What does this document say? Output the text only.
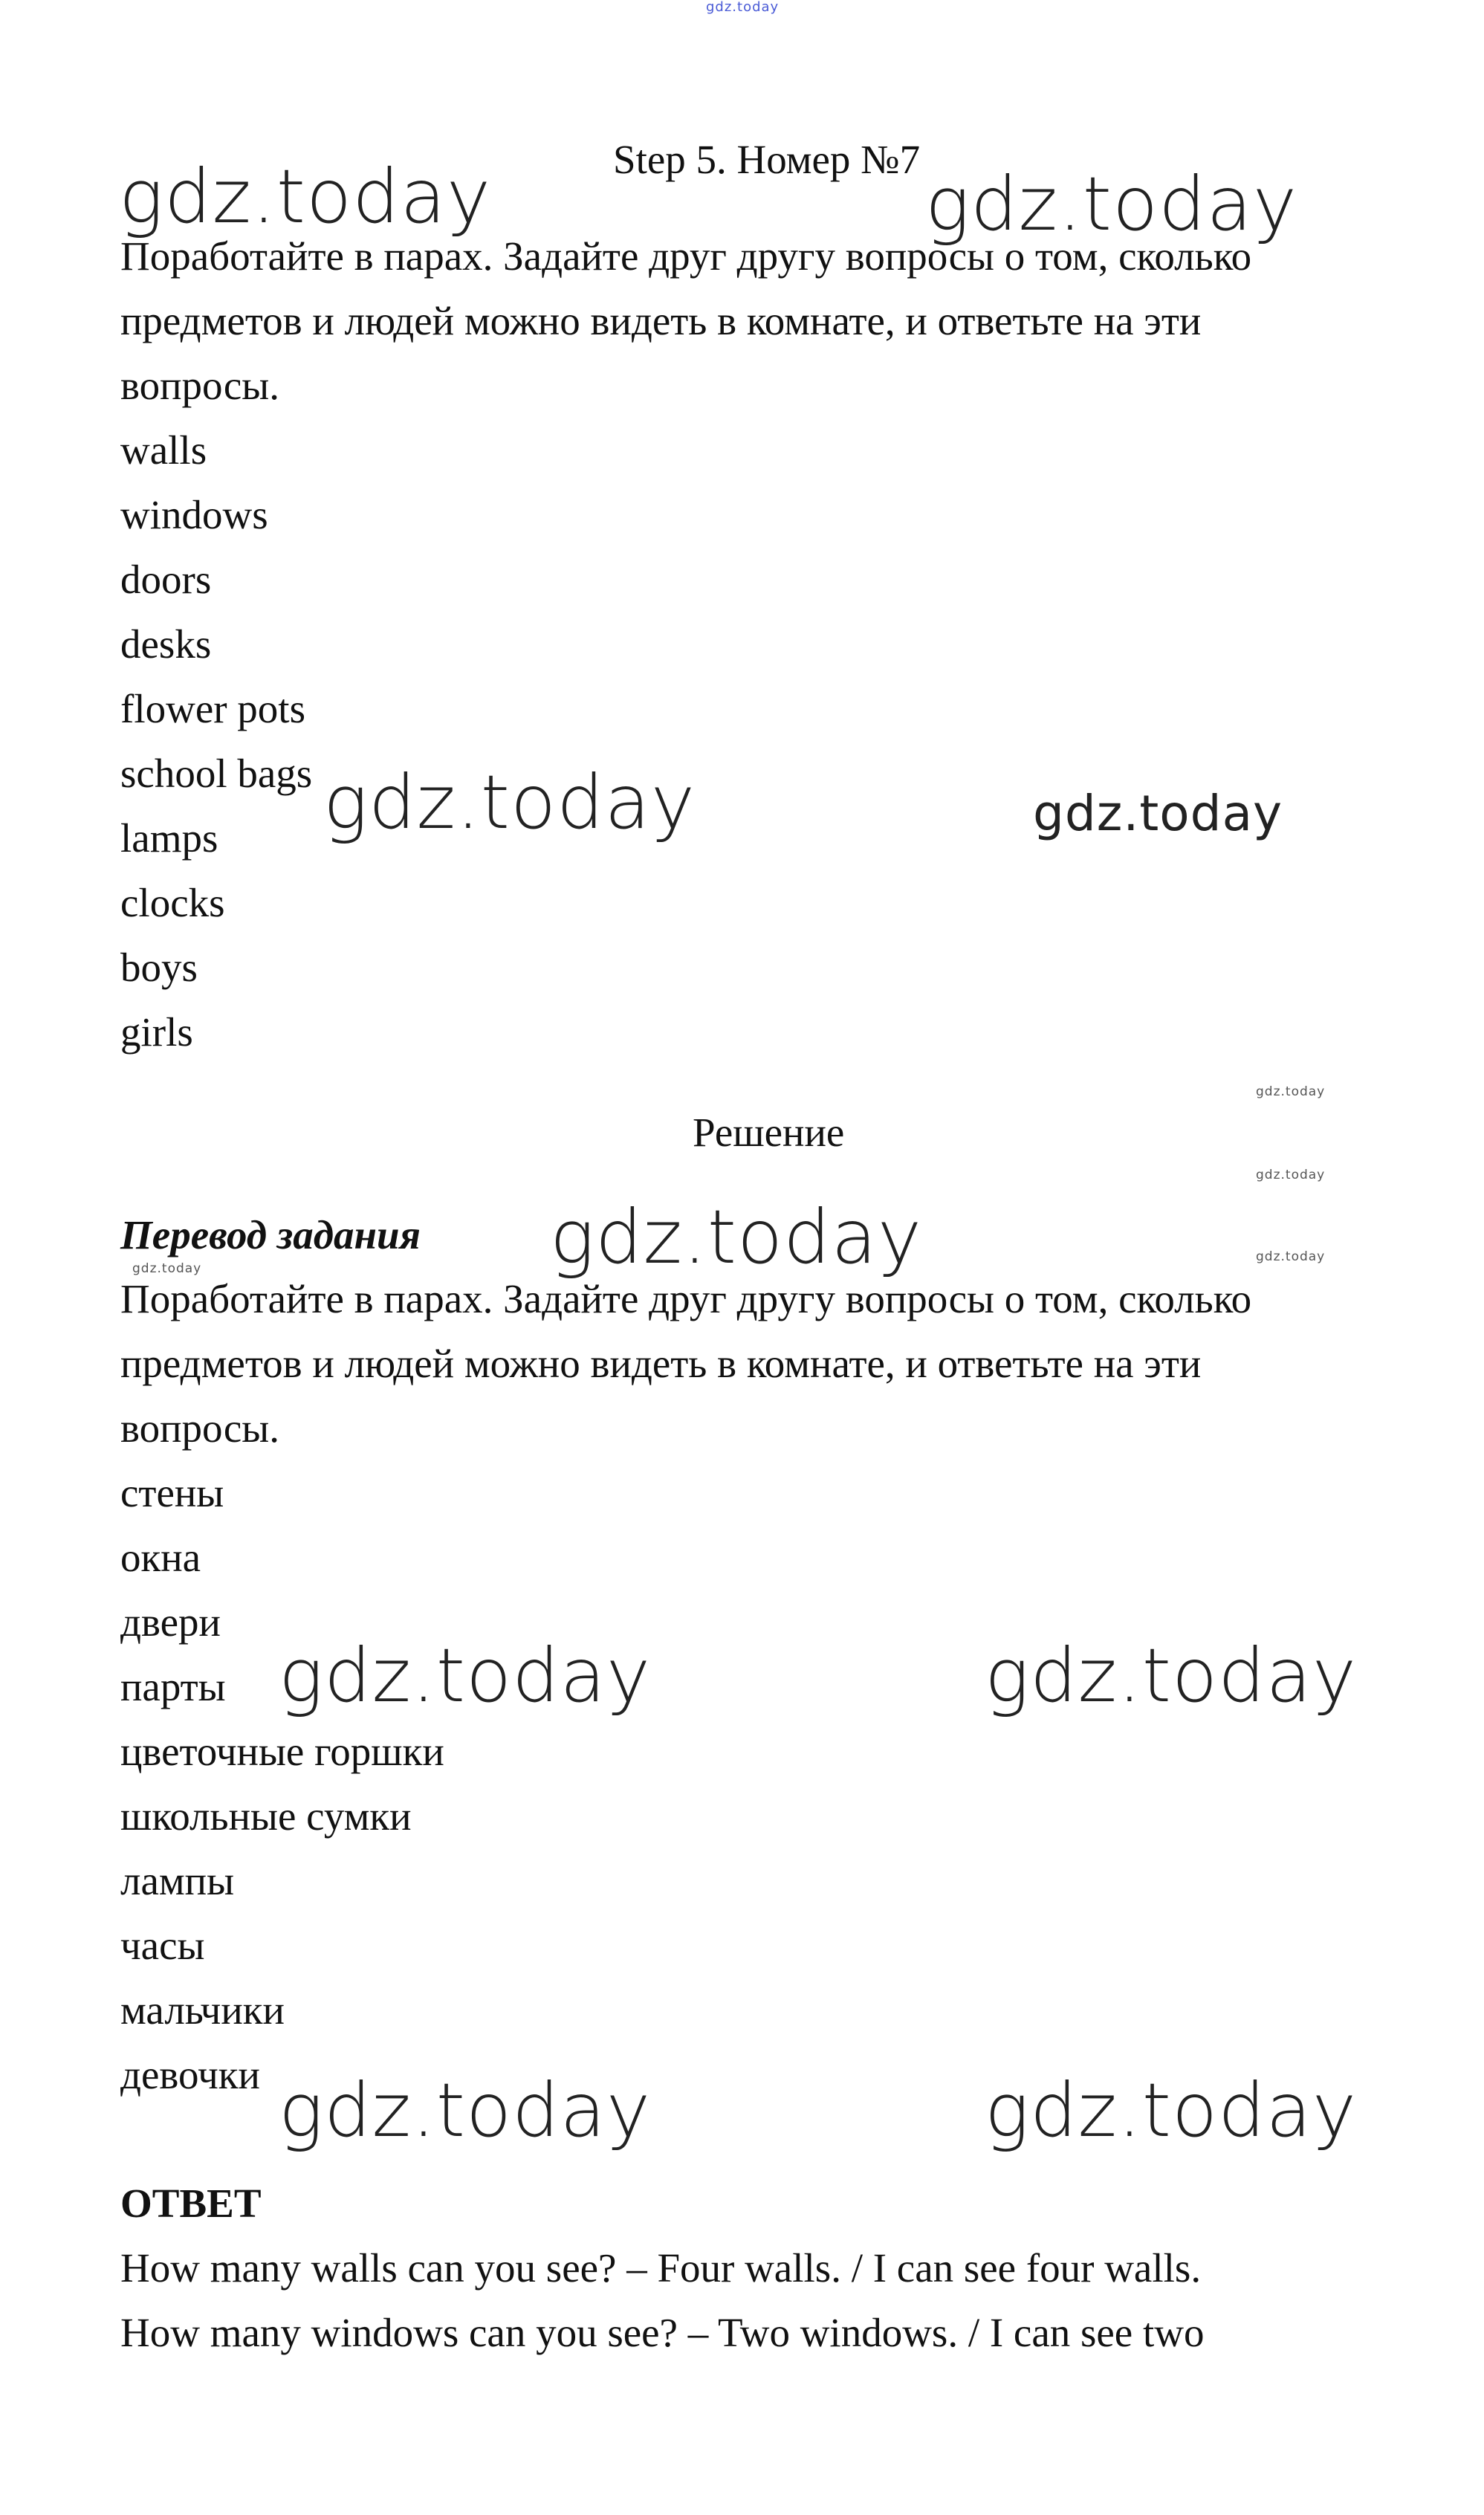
gdz.today
Step 5. Номер №7
Поработайте в парах. Задайте друг другу вопросы о том, сколько
предметов и людей можно видеть в комнате, и ответьте на эти
вопросы.
walls
windows
doors
desks
flower pots
school bags
lamps
clocks
boys
girls
Решение
Перевод задания
Поработайте в парах. Задайте друг другу вопросы о том, сколько
предметов и людей можно видеть в комнате, и ответьте на эти
вопросы.
стены
окна
двери
парты
цветочные горшки
школьные сумки
лампы
часы
мальчики
девочки
ОТВЕТ
How many walls can you see? – Four walls. / I can see four walls.
How many windows can you see? – Two windows. / I can see two
gdz.today	gdz.today
gdz.today	gdz.today
gdz.today
gdz.today
gdz.today	gdz.today
gdz.today
gdz.today	gdz.today
gdz.today	gdz.today
